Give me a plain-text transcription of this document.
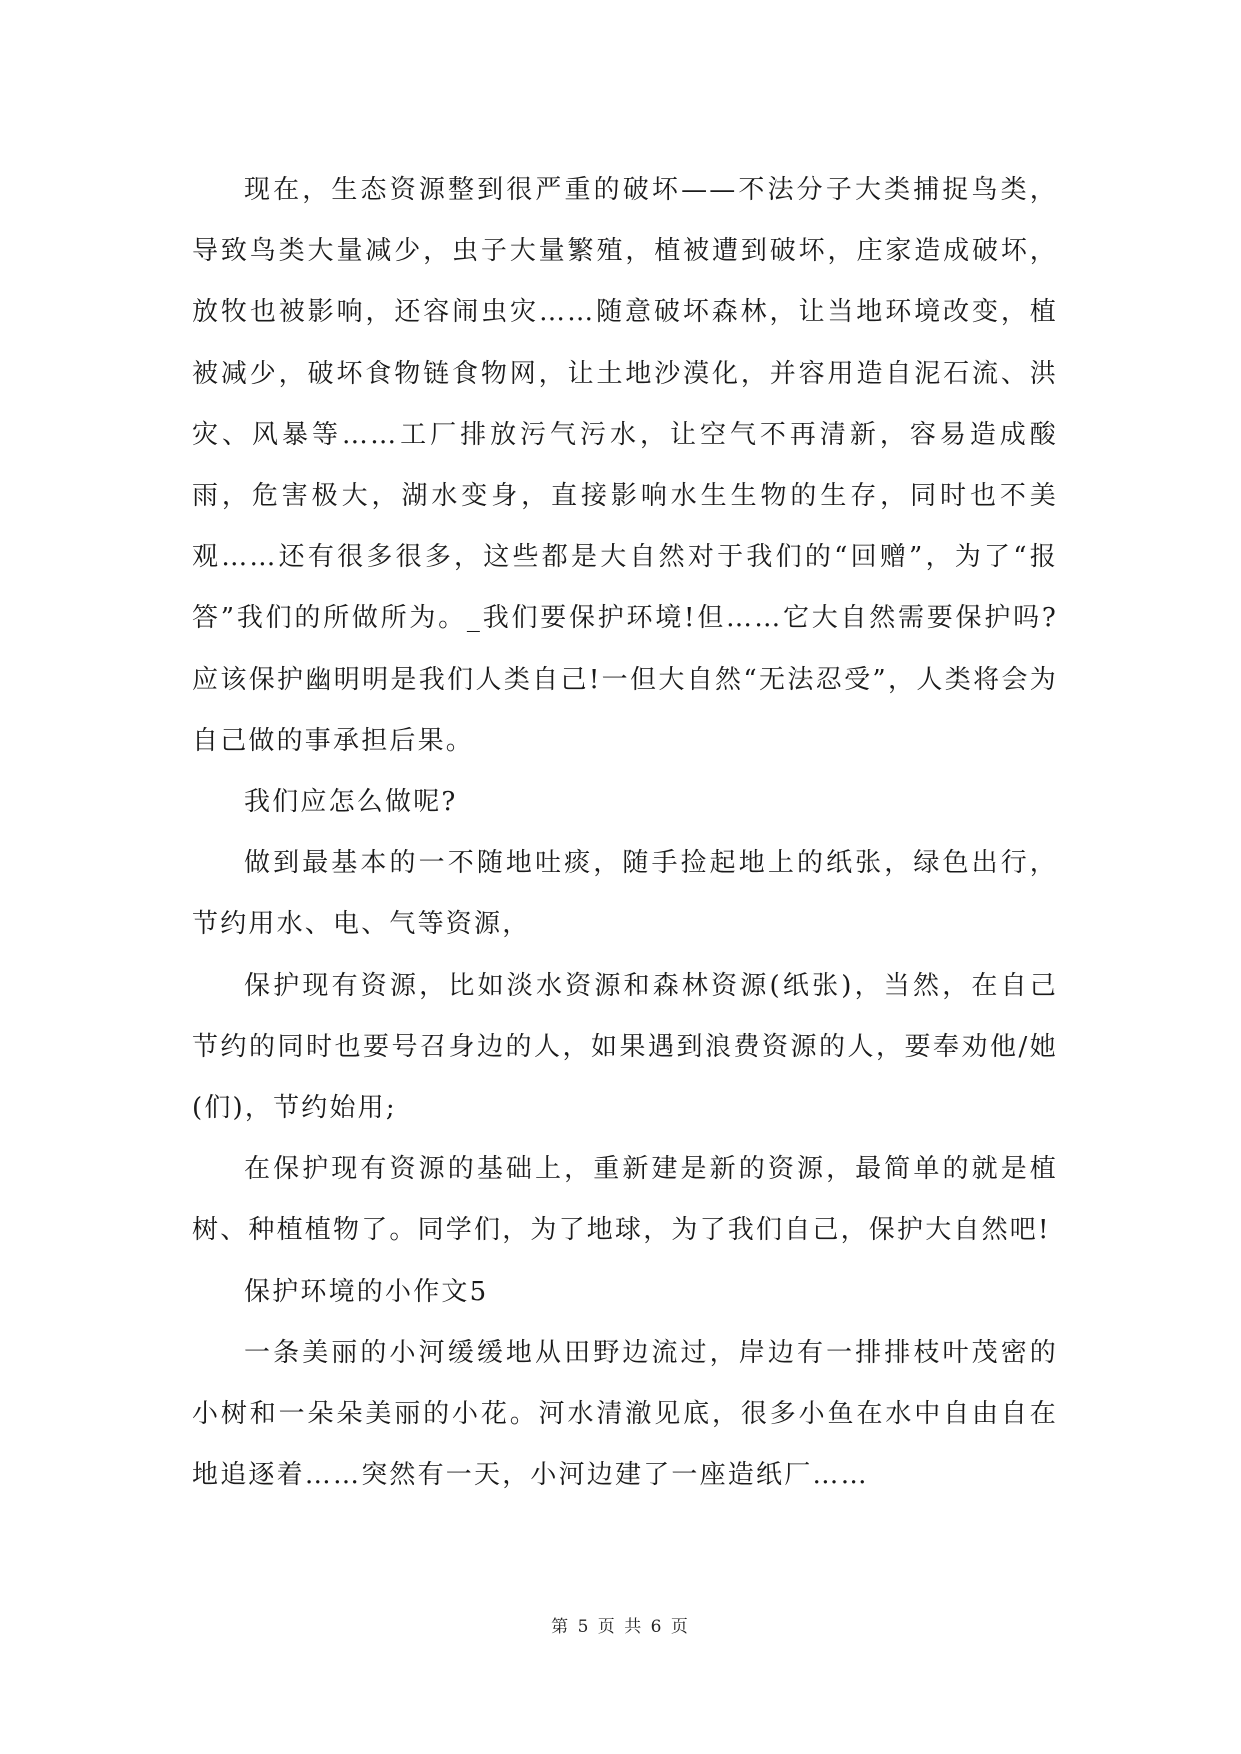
现在，生态资源整到很严重的破坏——不法分子大类捕捉鸟类，导致鸟类大量减少，虫子大量繁殖，植被遭到破坏，庄家造成破坏，放牧也被影响，还容闹虫灾……随意破坏森林，让当地环境改变，植被减少，破坏食物链食物网，让土地沙漠化，并容用造自泥石流、洪灾、风暴等……工厂排放污气污水，让空气不再清新，容易造成酸雨，危害极大，湖水变身，直接影响水生生物的生存，同时也不美观……还有很多很多，这些都是大自然对于我们的“回赠”，为了“报答”我们的所做所为。_我们要保护环境!但……它大自然需要保护吗?应该保护幽明明是我们人类自己!一但大自然“无法忍受”，人类将会为自己做的事承担后果。

我们应怎么做呢?

做到最基本的一不随地吐痰，随手捡起地上的纸张，绿色出行，节约用水、电、气等资源，

保护现有资源，比如淡水资源和森林资源(纸张)，当然，在自己节约的同时也要号召身边的人，如果遇到浪费资源的人，要奉劝他/她(们)，节约始用;

在保护现有资源的基础上，重新建是新的资源，最简单的就是植树、种植植物了。同学们，为了地球，为了我们自己，保护大自然吧!

保护环境的小作文5

一条美丽的小河缓缓地从田野边流过，岸边有一排排枝叶茂密的小树和一朵朵美丽的小花。河水清澈见底，很多小鱼在水中自由自在地追逐着……突然有一天，小河边建了一座造纸厂……

第 5 页 共 6 页
